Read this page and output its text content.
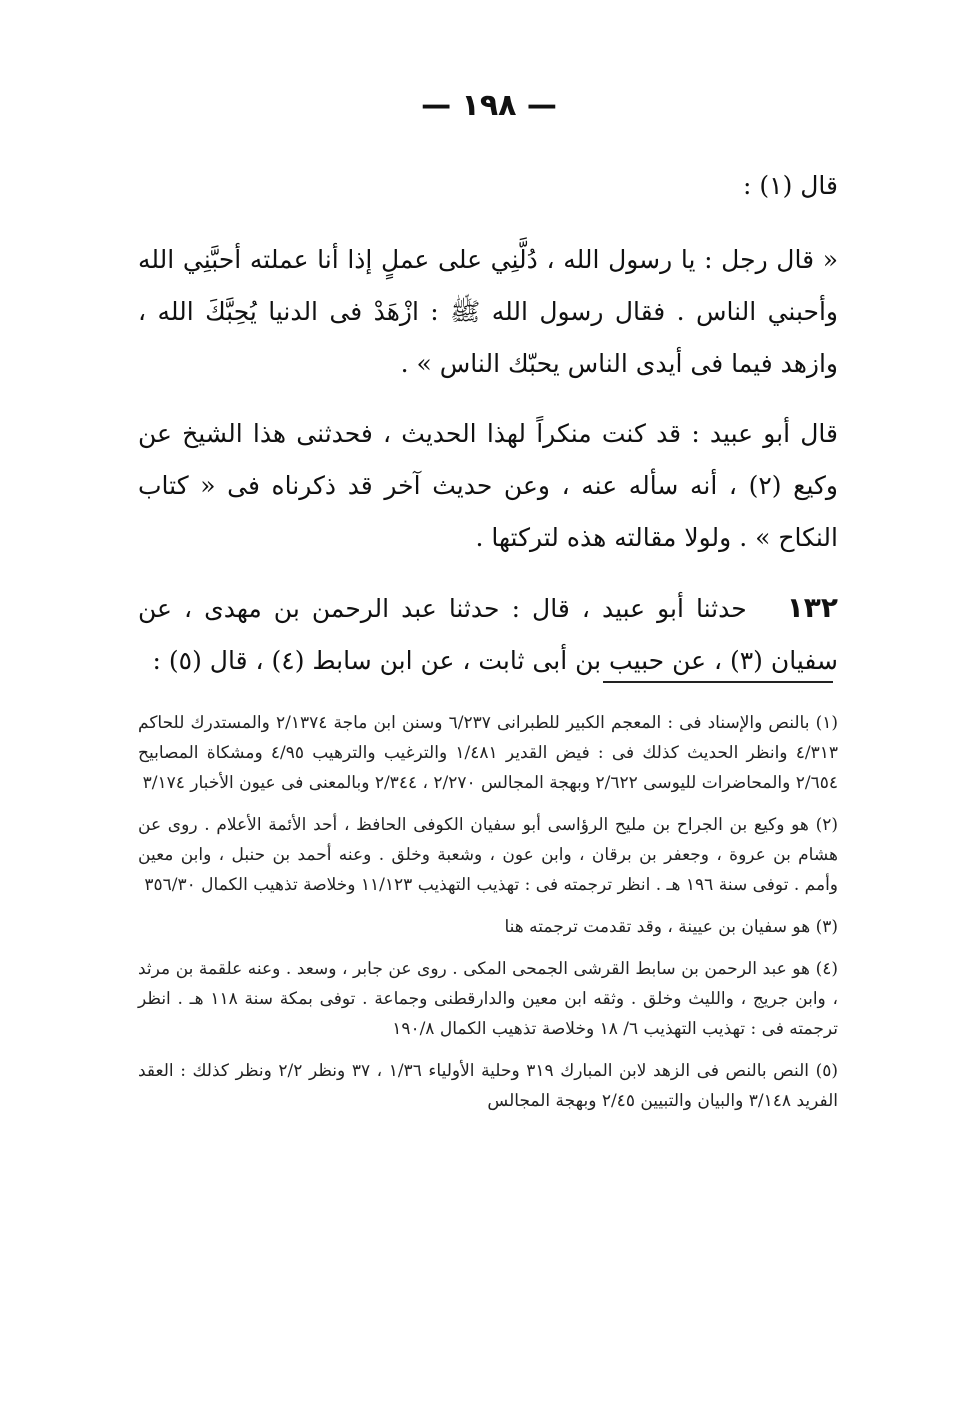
— ١٩٨ —

قال (١) :

« قال رجل : يا رسول الله ، دُلَّنِي على عملٍ إذا أنا عملته أحبَّنِي الله وأحبني الناس . فقال رسول الله ﷺ : ازْهَدْ فى الدنيا يُحِبَّكَ الله ، وازهد فيما فى أيدى الناس يحبّك الناس » .

قال أبو عبيد : قد كنت منكراً لهذا الحديث ، فحدثنى هذا الشيخ عن وكيع (٢) ، أنه سأله عنه ، وعن حديث آخر قد ذكرناه فى « كتاب النكاح » . ولولا مقالته هذه لتركتها .

١٣٢حدثنا أبو عبيد ، قال : حدثنا عبد الرحمن بن مهدى ، عن سفيان (٣) ، عن حبيب بن أبى ثابت ، عن ابن سابط (٤) ، قال (٥) :

(١) بالنص والإسناد فى : المعجم الكبير للطبرانى ٦/٢٣٧ وسنن ابن ماجة ٢/١٣٧٤ والمستدرك للحاكم ٤/٣١٣ وانظر الحديث كذلك فى : فيض القدير ١/٤٨١ والترغيب والترهيب ٤/٩٥ ومشكاة المصابيح ٢/٦٥٤ والمحاضرات لليوسى ٢/٦٢٢ وبهجة المجالس ٢/٢٧٠ ، ٢/٣٤٤ وبالمعنى فى عيون الأخبار ٣/١٧٤

(٢) هو وكيع بن الجراح بن مليح الرؤاسى أبو سفيان الكوفى الحافظ ، أحد الأئمة الأعلام . روى عن هشام بن عروة ، وجعفر بن برقان ، وابن عون ، وشعبة وخلق . وعنه أحمد بن حنبل ، وابن معين وأمم . توفى سنة ١٩٦ هـ . انظر ترجمته فى : تهذيب التهذيب ١١/١٢٣ وخلاصة تذهيب الكمال ٣٥٦/٣٠

(٣) هو سفيان بن عيينة ، وقد تقدمت ترجمته هنا

(٤) هو عبد الرحمن بن سابط القرشى الجمحى المكى . روى عن جابر ، وسعد . وعنه علقمة بن مرثد ، وابن جريج ، والليث وخلق . وثقه ابن معين والدارقطنى وجماعة . توفى بمكة سنة ١١٨ هـ . انظر ترجمته فى : تهذيب التهذيب ٦/ ١٨ وخلاصة تذهيب الكمال ١٩٠/٨

(٥) النص بالنص فى الزهد لابن المبارك ٣١٩ وحلية الأولياء ١/٣٦ ، ٣٧ ونظر ٢/٢ ونظر كذلك : العقد الفريد ٣/١٤٨ والبيان والتبيين ٢/٤٥ وبهجة المجالس
